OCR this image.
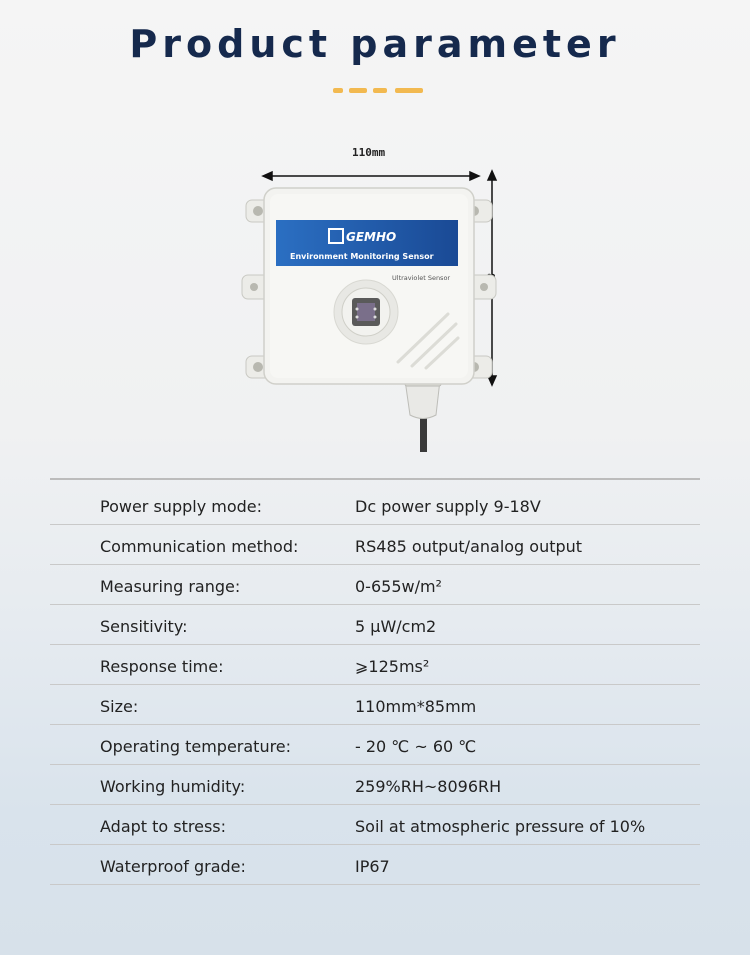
Product parameter
110mm
GEMHO
Environment Monitoring Sensor
Ultraviolet Sensor
Power supply mode:	Dc power supply 9-18V
Communication method:	RS485 output/analog output
Measuring range:	0-655w/m²
Sensitivity:	5 μW/cm2
Response time:	⩾125ms²
Size:	110mm*85mm
Operating temperature:	- 20 ℃ ~ 60 ℃
Working humidity:	259%RH~8096RH
Adapt to stress:	Soil at atmospheric pressure of 10%
Waterproof grade:	IP67
